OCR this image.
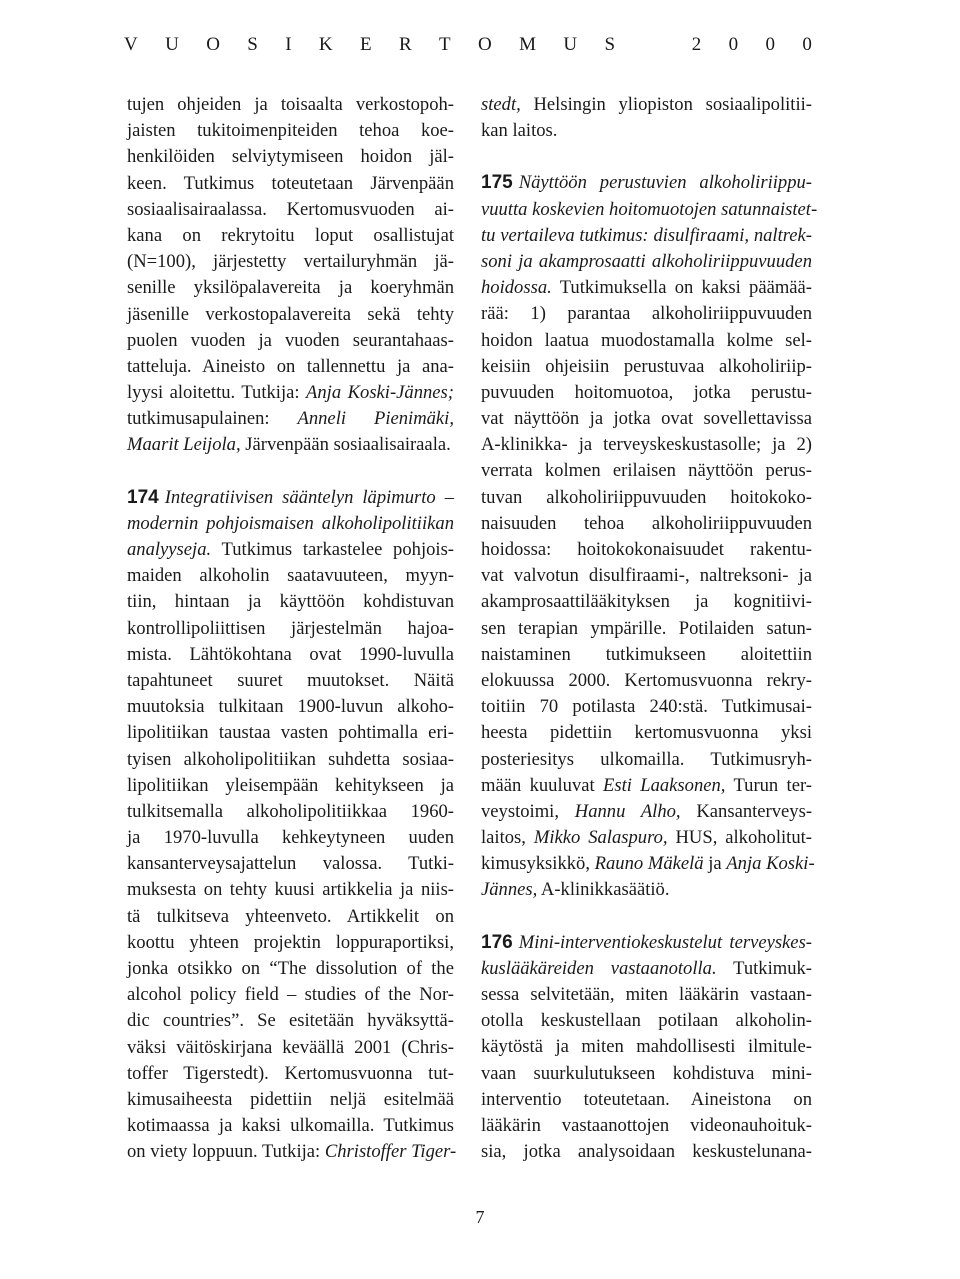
V U O S I K E R T O M U S	2 0 0 0
tujen ohjeiden ja toisaalta verkostopoh-
jaisten tukitoimenpiteiden tehoa koe-
henkilöiden selviytymiseen hoidon jäl-
keen. Tutkimus toteutetaan Järvenpään
sosiaalisairaalassa. Kertomusvuoden ai-
kana on rekrytoitu loput osallistujat
(N=100), järjestetty vertailuryhmän jä-
senille yksilöpalavereita ja koeryhmän
jäsenille verkostopalavereita sekä tehty
puolen vuoden ja vuoden seurantahaas-
tatteluja. Aineisto on tallennettu ja ana-
lyysi aloitettu. Tutkija: Anja Koski-Jännes;
tutkimusapulainen: Anneli Pienimäki,
Maarit Leijola, Järvenpään sosiaalisairaala.
174 Integratiivisen sääntelyn läpimurto –
modernin pohjoismaisen alkoholipolitiikan
analyyseja. Tutkimus tarkastelee pohjois-
maiden alkoholin saatavuuteen, myyn-
tiin, hintaan ja käyttöön kohdistuvan
kontrollipoliittisen järjestelmän hajoa-
mista. Lähtökohtana ovat 1990-luvulla
tapahtuneet suuret muutokset. Näitä
muutoksia tulkitaan 1900-luvun alkoho-
lipolitiikan taustaa vasten pohtimalla eri-
tyisen alkoholipolitiikan suhdetta sosiaa-
lipolitiikan yleisempään kehitykseen ja
tulkitsemalla alkoholipolitiikkaa 1960-
ja 1970-luvulla kehkeytyneen uuden
kansanterveysajattelun valossa. Tutki-
muksesta on tehty kuusi artikkelia ja niis-
tä tulkitseva yhteenveto. Artikkelit on
koottu yhteen projektin loppuraportiksi,
jonka otsikko on “The dissolution of the
alcohol policy field – studies of the Nor-
dic countries”. Se esitetään hyväksyttä-
väksi väitöskirjana keväällä 2001 (Chris-
toffer Tigerstedt). Kertomusvuonna tut-
kimusaiheesta pidettiin neljä esitelmää
kotimaassa ja kaksi ulkomailla. Tutkimus
on viety loppuun. Tutkija: Christoffer Tiger-
stedt, Helsingin yliopiston sosiaalipolitii-
kan laitos.
175 Näyttöön perustuvien alkoholiriippu-
vuutta koskevien hoitomuotojen satunnaistet-
tu vertaileva tutkimus: disulfiraami, naltrek-
soni ja akamprosaatti alkoholiriippuvuuden
hoidossa. Tutkimuksella on kaksi päämää-
rää: 1) parantaa alkoholiriippuvuuden
hoidon laatua muodostamalla kolme sel-
keisiin ohjeisiin perustuvaa alkoholiriip-
puvuuden hoitomuotoa, jotka perustu-
vat näyttöön ja jotka ovat sovellettavissa
A-klinikka- ja terveyskeskustasolle; ja 2)
verrata kolmen erilaisen näyttöön perus-
tuvan alkoholiriippuvuuden hoitokoko-
naisuuden tehoa alkoholiriippuvuuden
hoidossa: hoitokokonaisuudet rakentu-
vat valvotun disulfiraami-, naltreksoni- ja
akamprosaattilääkityksen ja kognitiivi-
sen terapian ympärille. Potilaiden satun-
naistaminen tutkimukseen aloitettiin
elokuussa 2000. Kertomusvuonna rekry-
toitiin 70 potilasta 240:stä. Tutkimusai-
heesta pidettiin kertomusvuonna yksi
posteriesitys ulkomailla. Tutkimusryh-
mään kuuluvat Esti Laaksonen, Turun ter-
veystoimi, Hannu Alho, Kansanterveys-
laitos, Mikko Salaspuro, HUS, alkoholitut-
kimusyksikkö, Rauno Mäkelä ja Anja Koski-
Jännes, A-klinikkasäätiö.
176 Mini-interventiokeskustelut terveyskes-
kuslääkäreiden vastaanotolla. Tutkimuk-
sessa selvitetään, miten lääkärin vastaan-
otolla keskustellaan potilaan alkoholin-
käytöstä ja miten mahdollisesti ilmitule-
vaan suurkulutukseen kohdistuva mini-
interventio toteutetaan. Aineistona on
lääkärin vastaanottojen videonauhoituk-
sia, jotka analysoidaan keskustelunana-
7
